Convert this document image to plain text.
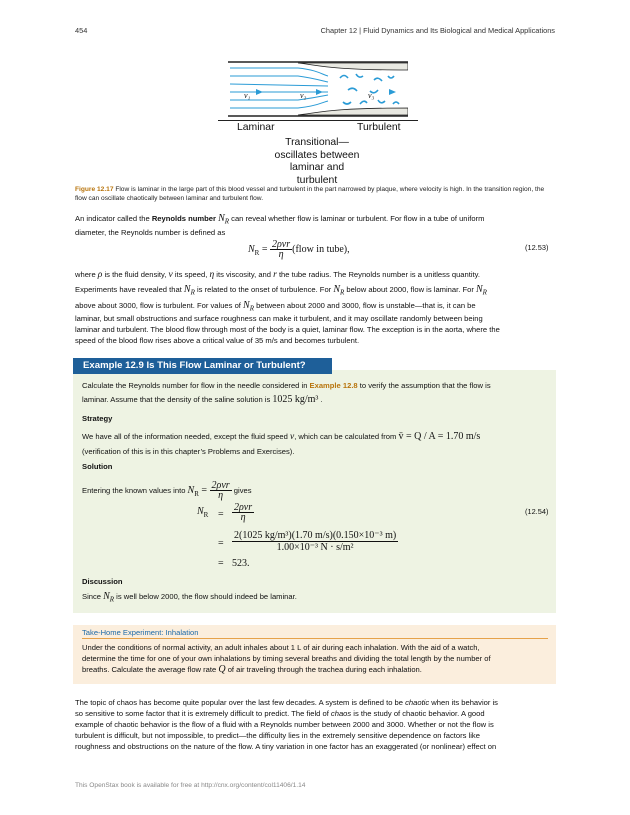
454	Chapter 12 | Fluid Dynamics and Its Biological and Medical Applications
v₁	v₂	v₃
Laminar	Turbulent
Transitional—
oscillates between
laminar and
turbulent
Figure 12.17 Flow is laminar in the large part of this blood vessel and turbulent in the part narrowed by plaque, where velocity is high. In the transition region, the flow can oscillate chaotically between laminar and turbulent flow.

An indicator called the Reynolds number $N_R$ can reveal whether flow is laminar or turbulent. For flow in a tube of uniform

diameter, the Reynolds number is defined as

$N_R = \frac{\text{2ρvr}}{\eta}$ (flow in tube),	(12.53)

where ρ is the fluid density, v its speed, η its viscosity, and r the tube radius. The Reynolds number is a unitless quantity.

Experiments have revealed that $N_R$ is related to the onset of turbulence. For $N_R$ below about 2000, flow is laminar. For $N_R$

above about 3000, flow is turbulent. For values of $N_R$ between about 2000 and 3000, flow is unstable—that is, it can be

laminar, but small obstructions and surface roughness can make it turbulent, and it may oscillate randomly between being

laminar and turbulent. The blood flow through most of the body is a quiet, laminar flow. The exception is in the aorta, where the

speed of the blood flow rises above a critical value of 35 m/s and becomes turbulent.

Example 12.9 Is This Flow Laminar or Turbulent?

Calculate the Reynolds number for flow in the needle considered in Example 12.8 to verify the assumption that the flow is

laminar. Assume that the density of the saline solution is 1025 kg/m³ .

Strategy

We have all of the information needed, except the fluid speed v, which can be calculated from v̄ = Q / A = 1.70 m/s

(verification of this is in this chapter’s Problems and Exercises).

Solution

Entering the known values into $N_R = \frac{\text{2ρvr}}{\eta}$ gives

$N_R = \frac{\text{2ρvr}}{\eta}$	(12.54)
= $\frac{\text{2(1025 kg/m³)(1.70 m/s)(0.150×10⁻³ m)}}{\text{1.00×10⁻³ N · s/m²}}$
= 523.

Discussion

Since $N_R$ is well below 2000, the flow should indeed be laminar.

Take-Home Experiment: Inhalation

Under the conditions of normal activity, an adult inhales about 1 L of air during each inhalation. With the aid of a watch,

determine the time for one of your own inhalations by timing several breaths and dividing the total length by the number of

breaths. Calculate the average flow rate Q of air traveling through the trachea during each inhalation.

The topic of chaos has become quite popular over the last few decades. A system is defined to be chaotic when its behavior is

so sensitive to some factor that it is extremely difficult to predict. The field of chaos is the study of chaotic behavior. A good

example of chaotic behavior is the flow of a fluid with a Reynolds number between 2000 and 3000. Whether or not the flow is

turbulent is difficult, but not impossible, to predict—the difficulty lies in the extremely sensitive dependence on factors like

roughness and obstructions on the nature of the flow. A tiny variation in one factor has an exaggerated (or nonlinear) effect on

This OpenStax book is available for free at http://cnx.org/content/col11406/1.14
